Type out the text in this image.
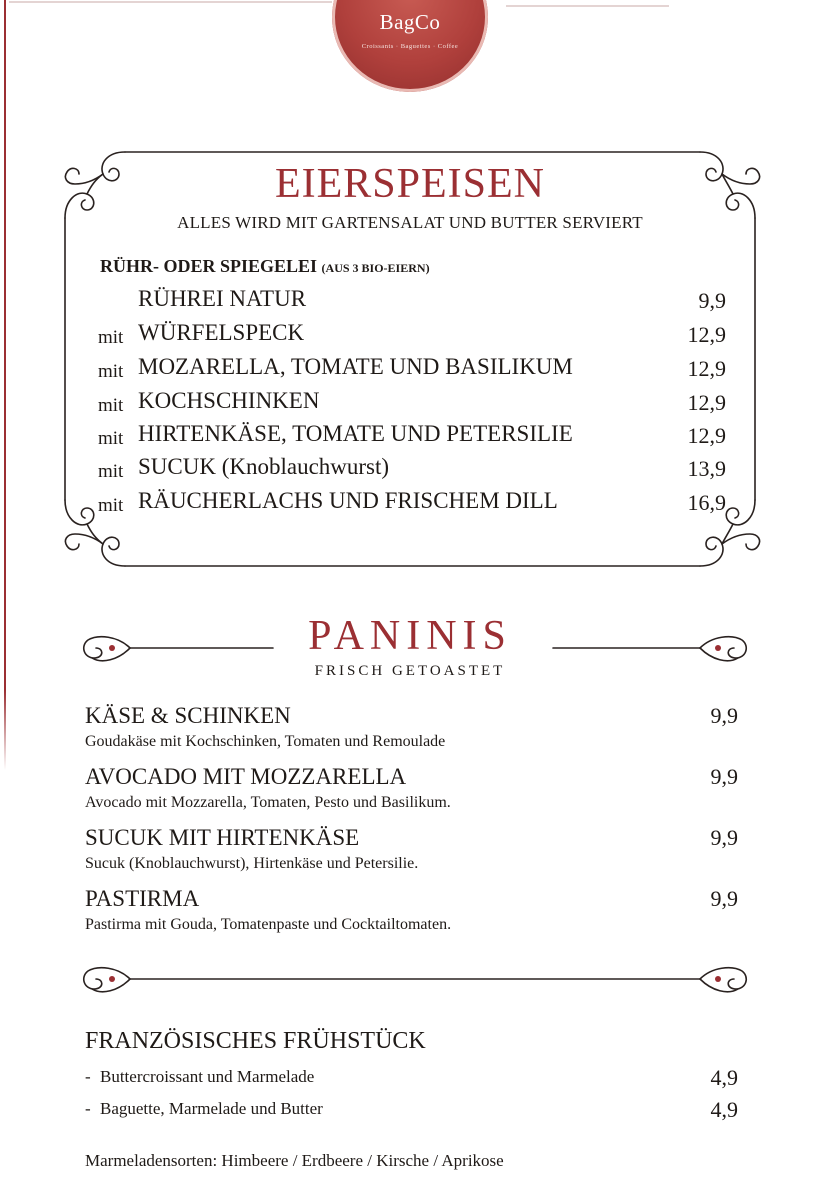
BagCo
Croissants · Baguettes · Coffee
EIERSPEISEN
ALLES WIRD MIT GARTENSALAT UND BUTTER SERVIERT
RÜHR- ODER SPIEGELEI (AUS 3 BIO-EIERN)
RÜHREI NATUR	9,9
mit WÜRFELSPECK	12,9
mit MOZARELLA, TOMATE UND BASILIKUM	12,9
mit KOCHSCHINKEN	12,9
mit HIRTENKÄSE, TOMATE UND PETERSILIE	12,9
mit SUCUK (Knoblauchwurst)	13,9
mit RÄUCHERLACHS UND FRISCHEM DILL	16,9
PANINIS
FRISCH GETOASTET
KÄSE & SCHINKEN	9,9
Goudakäse mit Kochschinken, Tomaten und Remoulade
AVOCADO MIT MOZZARELLA	9,9
Avocado mit Mozzarella, Tomaten, Pesto und Basilikum.
SUCUK MIT HIRTENKÄSE	9,9
Sucuk (Knoblauchwurst), Hirtenkäse und Petersilie.
PASTIRMA	9,9
Pastirma mit Gouda, Tomatenpaste und Cocktailtomaten.
FRANZÖSISCHES FRÜHSTÜCK
- Buttercroissant und Marmelade	4,9
- Baguette, Marmelade und Butter	4,9
Marmeladensorten: Himbeere / Erdbeere / Kirsche / Aprikose
